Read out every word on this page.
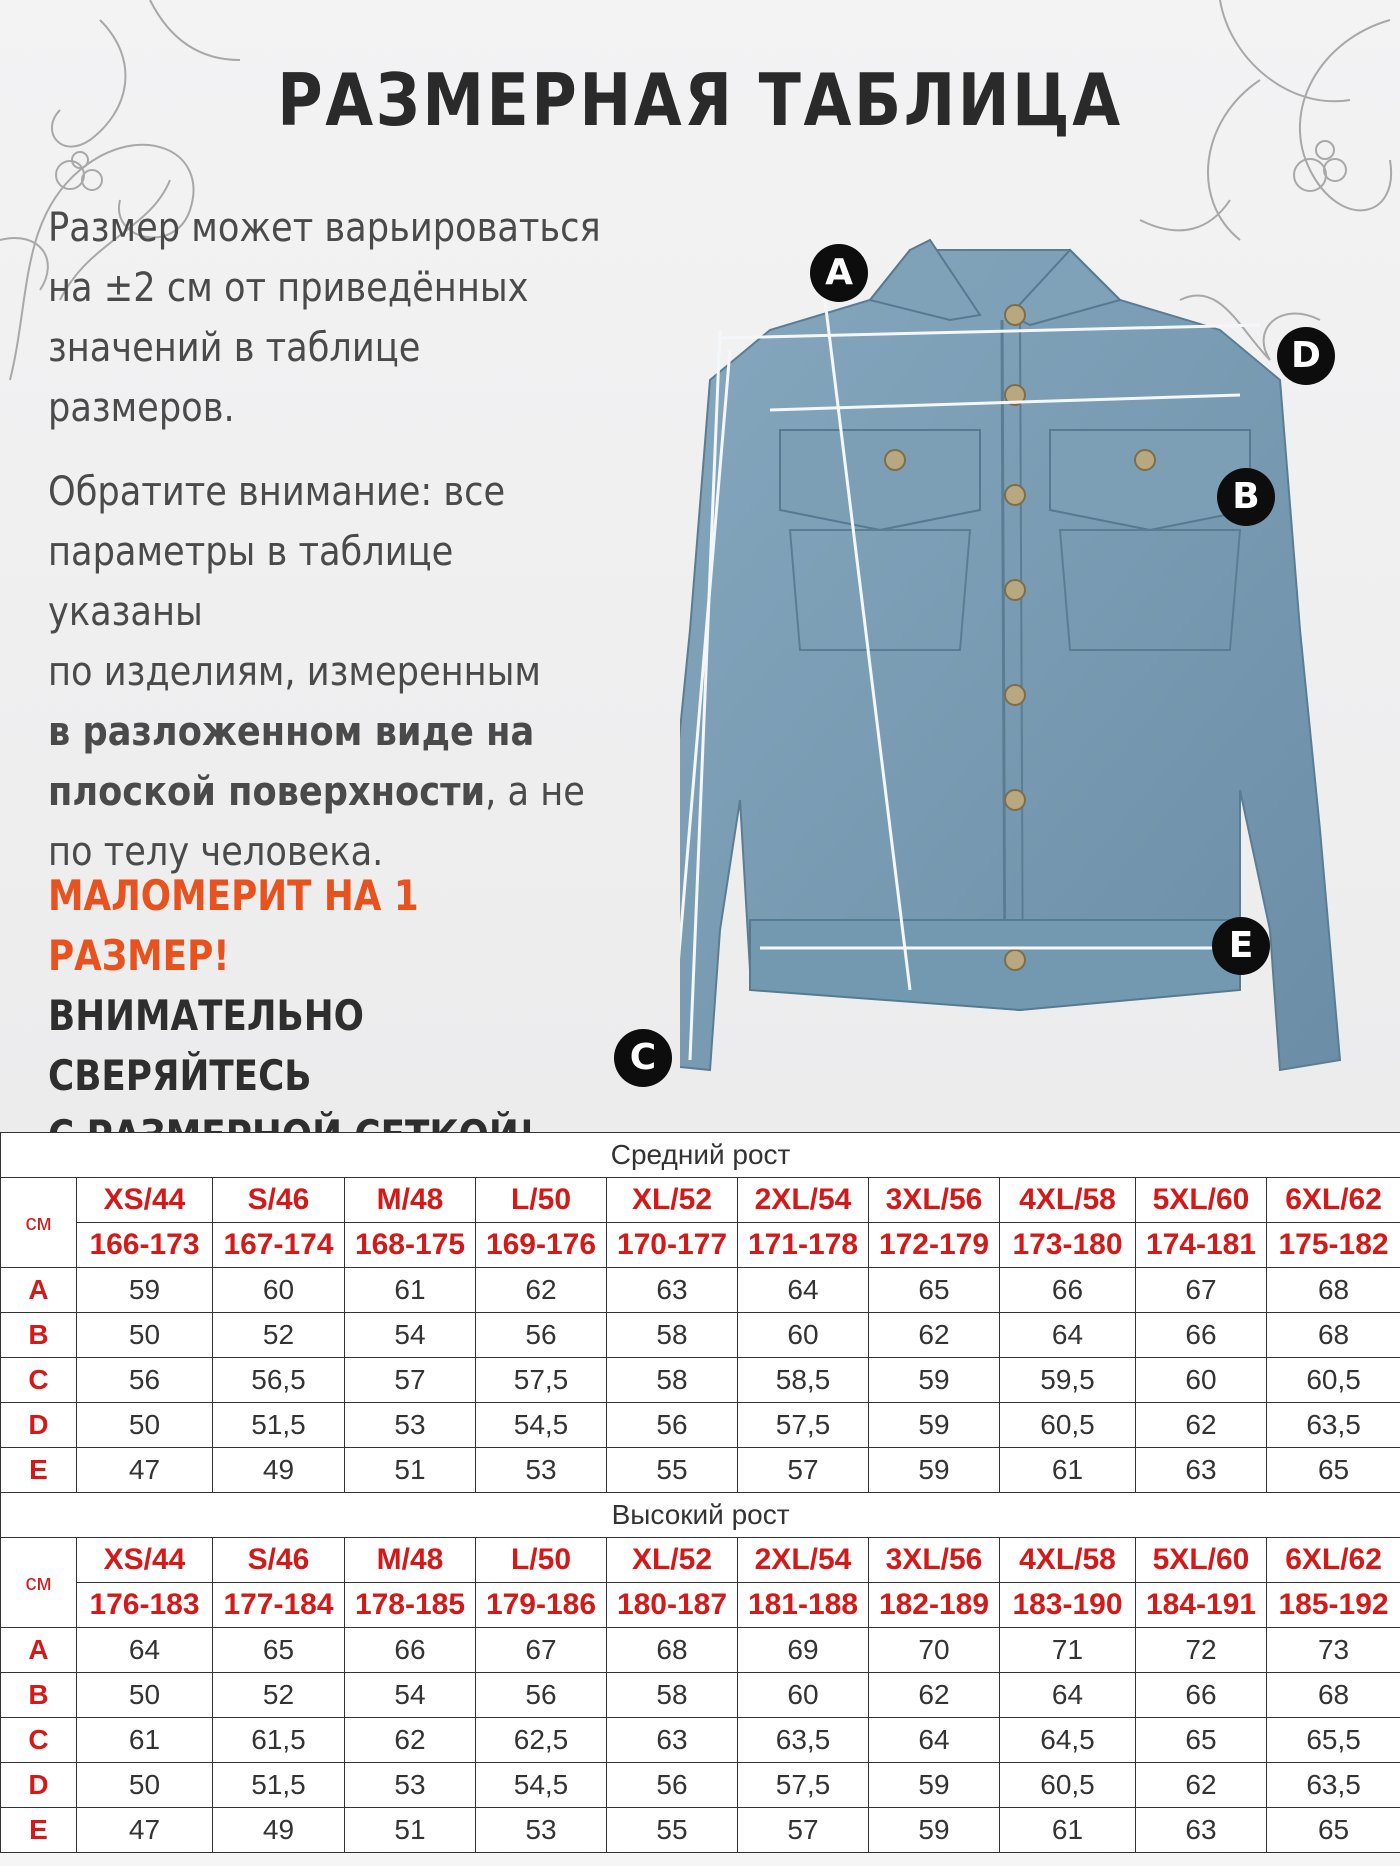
РАЗМЕРНАЯ ТАБЛИЦА
Размер может варьироваться
на ±2 см от приведённых
значений в таблице
размеров.
Обратите внимание: все
параметры в таблице указаны
по изделиям, измеренным
в разложенном виде на
плоской поверхности, а не
по телу человека.
МАЛОМЕРИТ НА 1 РАЗМЕР!
ВНИМАТЕЛЬНО СВЕРЯЙТЕСЬ
A
D
B
E
C
Средний рост										
см	XS/44	S/46	M/48	L/50	XL/52	2XL/54	3XL/56	4XL/58	5XL/60	6XL/62
	166-173	167-174	168-175	169-176	170-177	171-178	172-179	173-180	174-181	175-182
A	59	60	61	62	63	64	65	66	67	68
B	50	52	54	56	58	60	62	64	66	68
C	56	56,5	57	57,5	58	58,5	59	59,5	60	60,5
D	50	51,5	53	54,5	56	57,5	59	60,5	62	63,5
E	47	49	51	53	55	57	59	61	63	65
Высокий рост										
см	XS/44	S/46	M/48	L/50	XL/52	2XL/54	3XL/56	4XL/58	5XL/60	6XL/62
	176-183	177-184	178-185	179-186	180-187	181-188	182-189	183-190	184-191	185-192
A	64	65	66	67	68	69	70	71	72	73
B	50	52	54	56	58	60	62	64	66	68
C	61	61,5	62	62,5	63	63,5	64	64,5	65	65,5
D	50	51,5	53	54,5	56	57,5	59	60,5	62	63,5
E	47	49	51	53	55	57	59	61	63	65
